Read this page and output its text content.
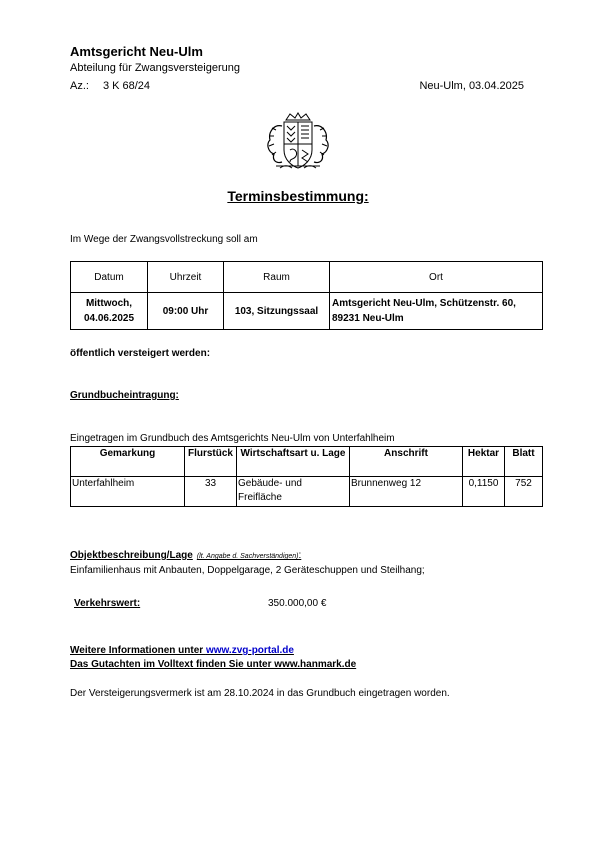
Amtsgericht Neu-Ulm
Abteilung für Zwangsversteigerung
Az.: 3 K 68/24	Neu-Ulm, 03.04.2025
Terminsbestimmung:
Im Wege der Zwangsvollstreckung soll am
Datum	Uhrzeit	Raum	Ort
Mittwoch,
04.06.2025	09:00 Uhr	103, Sitzungssaal	Amtsgericht Neu-Ulm, Schützenstr. 60, 89231 Neu-Ulm
öffentlich versteigert werden:
Grundbucheintragung:
Eingetragen im Grundbuch des Amtsgerichts Neu-Ulm von Unterfahlheim
Gemarkung	Flurstück	Wirtschaftsart u. Lage	Anschrift	Hektar	Blatt
Unterfahlheim	33	Gebäude- und Freifläche	Brunnenweg 12	0,1150	752
Objektbeschreibung/Lage (lt. Angabe d. Sachverständigen):
Einfamilienhaus mit Anbauten, Doppelgarage, 2 Geräteschuppen und Steilhang;
Verkehrswert:	350.000,00 €
Weitere Informationen unter www.zvg-portal.de
Das Gutachten im Volltext finden Sie unter www.hanmark.de
Der Versteigerungsvermerk ist am 28.10.2024 in das Grundbuch eingetragen worden.
